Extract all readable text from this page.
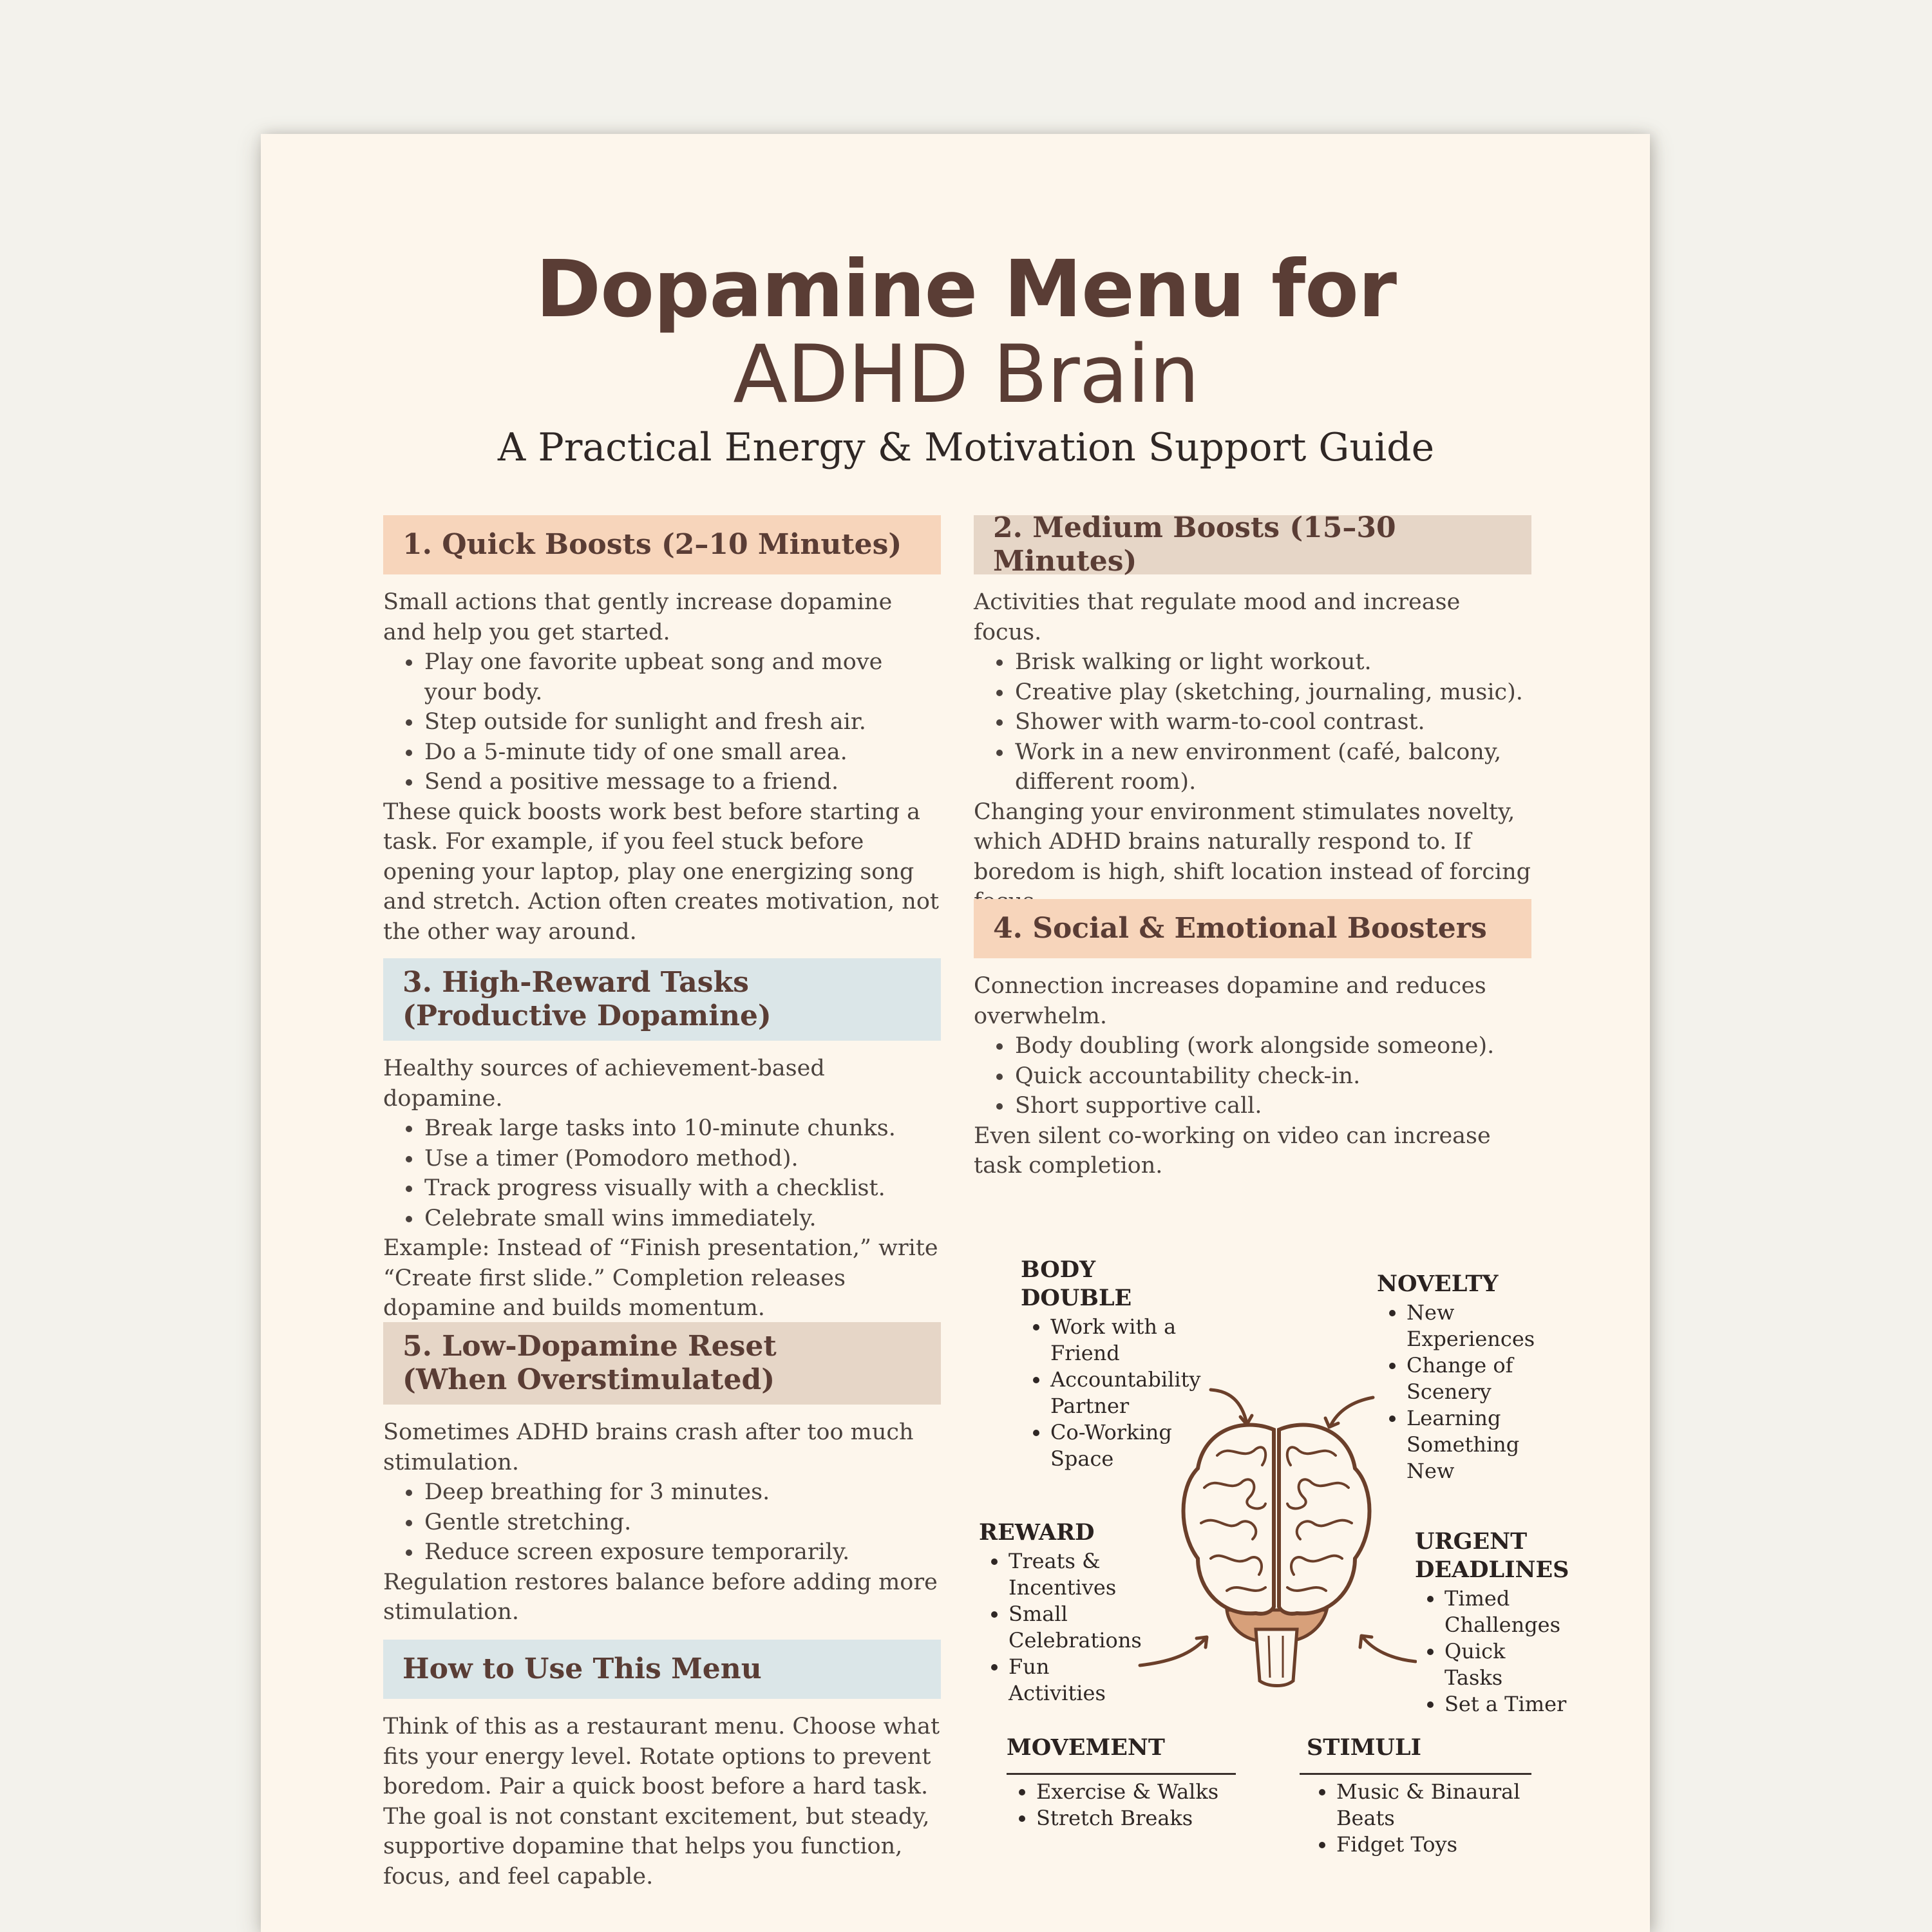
Dopamine Menu for
ADHD Brain
A Practical Energy & Motivation Support Guide
1. Quick Boosts (2–10 Minutes)

Small actions that gently increase dopamine and help you get started.

• Play one favorite upbeat song and move your body.
• Step outside for sunlight and fresh air.
• Do a 5-minute tidy of one small area.
• Send a positive message to a friend.

These quick boosts work best before starting a task. For example, if you feel stuck before opening your laptop, play one energizing song and stretch. Action often creates motivation, not the other way around.

2. Medium Boosts (15–30 Minutes)

Activities that regulate mood and increase focus.

• Brisk walking or light workout.
• Creative play (sketching, journaling, music).
• Shower with warm-to-cool contrast.
• Work in a new environment (café, balcony, different room).

Changing your environment stimulates novelty, which ADHD brains naturally respond to. If boredom is high, shift location instead of forcing

3. High-Reward Tasks
(Productive Dopamine)

Healthy sources of achievement-based dopamine.

• Break large tasks into 10-minute chunks.
• Use a timer (Pomodoro method).
• Track progress visually with a checklist.
• Celebrate small wins immediately.

Example: Instead of “Finish presentation,” write “Create first slide.” Completion releases dopamine and builds momentum.

4. Social & Emotional Boosters

Connection increases dopamine and reduces overwhelm.

• Body doubling (work alongside someone).
• Quick accountability check-in.
• Short supportive call.

Even silent co-working on video can increase task completion.

5. Low-Dopamine Reset
(When Overstimulated)

Sometimes ADHD brains crash after too much stimulation.

• Deep breathing for 3 minutes.
• Gentle stretching.
• Reduce screen exposure temporarily.

Regulation restores balance before adding more stimulation.

How to Use This Menu

Think of this as a restaurant menu. Choose what fits your energy level. Rotate options to prevent boredom. Pair a quick boost before a hard task. The goal is not constant excitement, but steady, supportive dopamine that helps you function, focus, and feel capable.

BODY DOUBLE
• Work with a Friend
• Accountability Partner
• Co-Working Space
NOVELTY
• New Experiences
• Change of Scenery
• Learning Something New
REWARD
• Treats & Incentives
• Small Celebrations
• Fun Activities
URGENT
DEADLINES
• Timed Challenges
• Quick Tasks
• Set a Timer
MOVEMENT
• Exercise & Walks
• Stretch Breaks
STIMULI
• Music & Binaural Beats
• Fidget Toys
